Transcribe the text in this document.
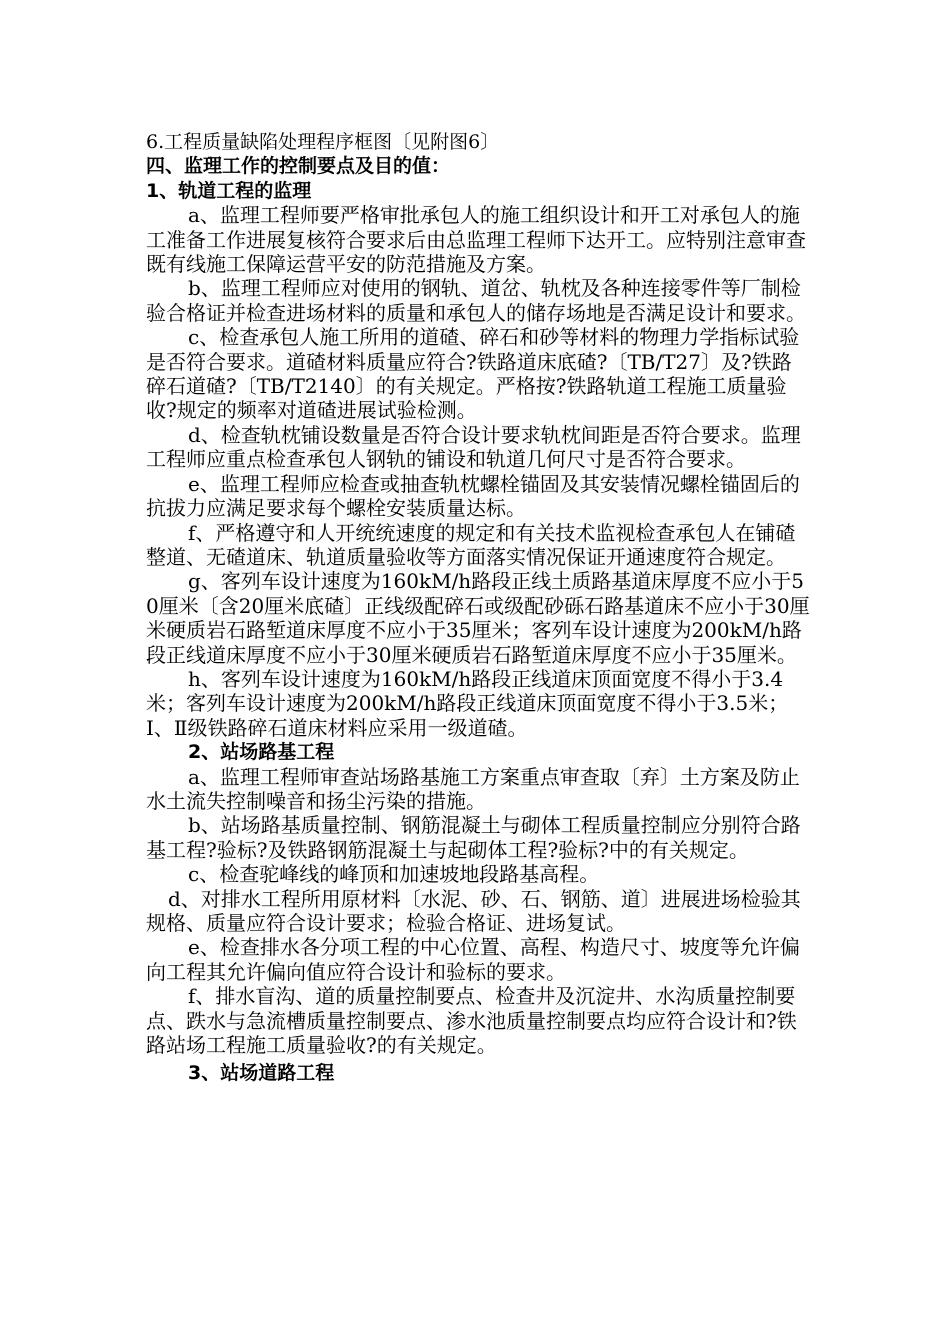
6.工程质量缺陷处理程序框图〔见附图6〕
四、监理工作的控制要点及目的值：
1、轨道工程的监理
a、监理工程师要严格审批承包人的施工组织设计和开工对承包人的施工准备工作进展复核符合要求后由总监理工程师下达开工。应特别注意审查既有线施工保障运营平安的防范措施及方案。
b、监理工程师应对使用的钢轨、道岔、轨枕及各种连接零件等厂制检验合格证并检查进场材料的质量和承包人的储存场地是否满足设计和要求。
c、检查承包人施工所用的道碴、碎石和砂等材料的物理力学指标试验是否符合要求。道碴材料质量应符合?铁路道床底碴?〔TB/T27〕及?铁路碎石道碴?〔TB/T2140〕的有关规定。严格按?铁路轨道工程施工质量验收?规定的频率对道碴进展试验检测。
d、检查轨枕铺设数量是否符合设计要求轨枕间距是否符合要求。监理工程师应重点检查承包人钢轨的铺设和轨道几何尺寸是否符合要求。
e、监理工程师应检查或抽查轨枕螺栓锚固及其安装情况螺栓锚固后的抗拔力应满足要求每个螺栓安装质量达标。
f、严格遵守和人开统统速度的规定和有关技术监视检查承包人在铺碴整道、无碴道床、轨道质量验收等方面落实情况保证开通速度符合规定。
g、客列车设计速度为160kM/h路段正线土质路基道床厚度不应小于50厘米〔含20厘米底碴〕正线级配碎石或级配砂砾石路基道床不应小于30厘米硬质岩石路堑道床厚度不应小于35厘米；客列车设计速度为200kM/h路段正线道床厚度不应小于30厘米硬质岩石路堑道床厚度不应小于35厘米。
h、客列车设计速度为160kM/h路段正线道床顶面宽度不得小于3.4米；客列车设计速度为200kM/h路段正线道床顶面宽度不得小于3.5米；Ⅰ、Ⅱ级铁路碎石道床材料应采用一级道碴。
2、站场路基工程
a、监理工程师审查站场路基施工方案重点审查取〔弃〕土方案及防止水土流失控制噪音和扬尘污染的措施。
b、站场路基质量控制、钢筋混凝土与砌体工程质量控制应分别符合路基工程?验标?及铁路钢筋混凝土与起砌体工程?验标?中的有关规定。
c、检查驼峰线的峰顶和加速坡地段路基高程。
d、对排水工程所用原材料〔水泥、砂、石、钢筋、道〕进展进场检验其规格、质量应符合设计要求；检验合格证、进场复试。
e、检查排水各分项工程的中心位置、高程、构造尺寸、坡度等允许偏向工程其允许偏向值应符合设计和验标的要求。
f、排水盲沟、道的质量控制要点、检查井及沉淀井、水沟质量控制要点、跌水与急流槽质量控制要点、渗水池质量控制要点均应符合设计和?铁路站场工程施工质量验收?的有关规定。
3、站场道路工程
